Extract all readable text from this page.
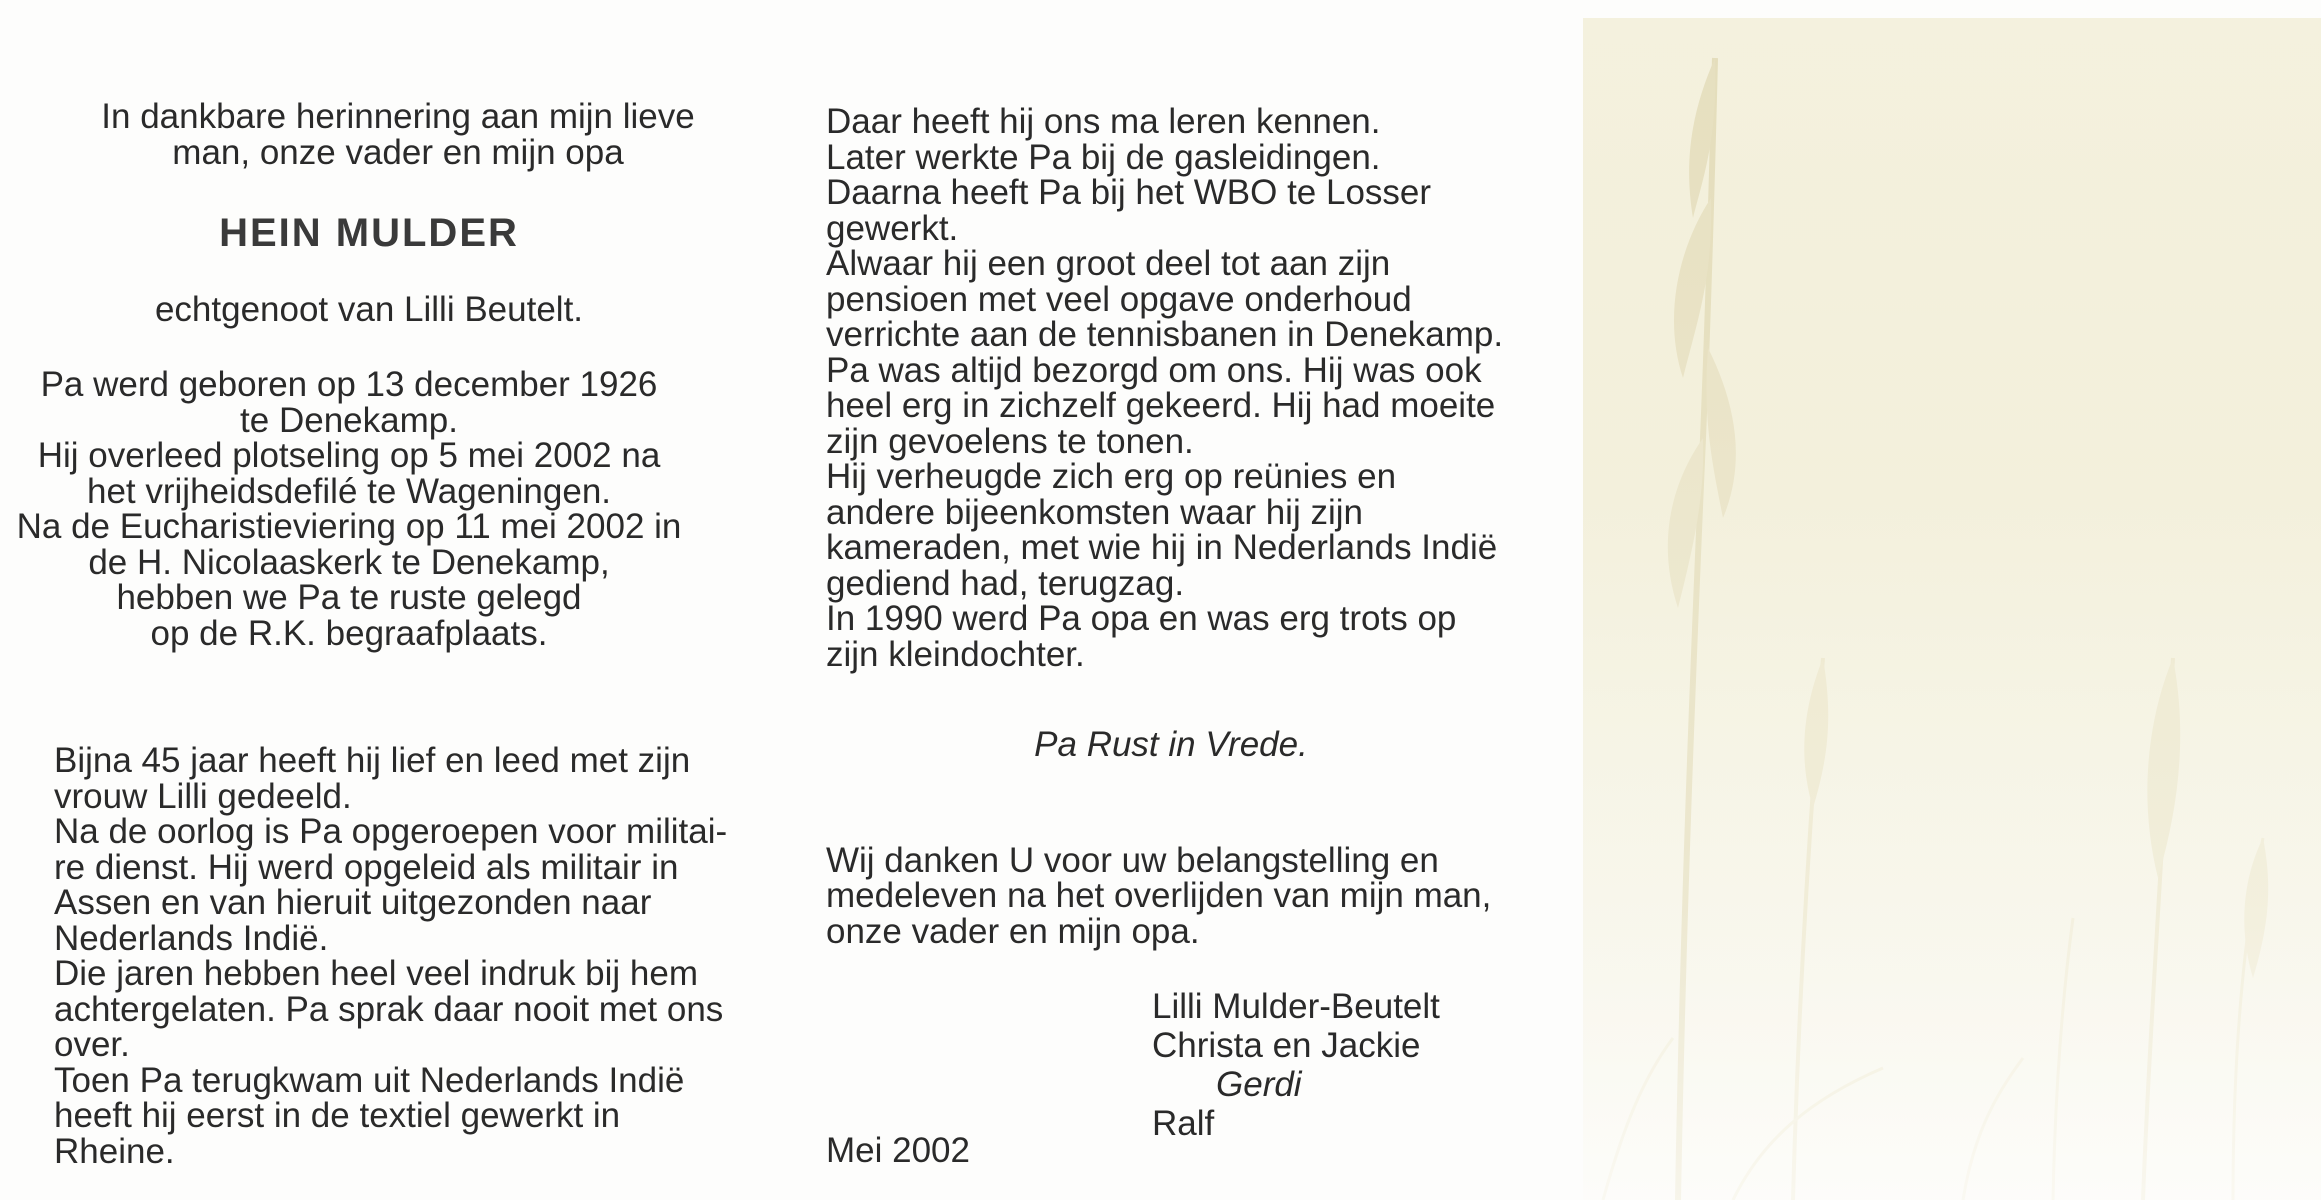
In dankbare herinnering aan mijn lieve

man, onze vader en mijn opa

HEIN MULDER

echtgenoot van Lilli Beutelt.

Pa werd geboren op 13 december 1926

te Denekamp.

Hij overleed plotseling op 5 mei 2002 na

het vrijheidsdefilé te Wageningen.

Na de Eucharistieviering op 11 mei 2002 in

de H. Nicolaaskerk te Denekamp,

hebben we Pa te ruste gelegd

op de R.K. begraafplaats.

Bijna 45 jaar heeft hij lief en leed met zijn

vrouw Lilli gedeeld.

Na de oorlog is Pa opgeroepen voor militai-

re dienst. Hij werd opgeleid als militair in

Assen en van hieruit uitgezonden naar

Nederlands Indië.

Die jaren hebben heel veel indruk bij hem

achtergelaten. Pa sprak daar nooit met ons

over.

Toen Pa terugkwam uit Nederlands Indië

heeft hij eerst in de textiel gewerkt in

Rheine.

Daar heeft hij ons ma leren kennen.

Later werkte Pa bij de gasleidingen.

Daarna heeft Pa bij het WBO te Losser

gewerkt.

Alwaar hij een groot deel tot aan zijn

pensioen met veel opgave onderhoud

verrichte aan de tennisbanen in Denekamp.

Pa was altijd bezorgd om ons. Hij was ook

heel erg in zichzelf gekeerd. Hij had moeite

zijn gevoelens te tonen.

Hij verheugde zich erg op reünies en

andere bijeenkomsten waar hij zijn

kameraden, met wie hij in Nederlands Indië

gediend had, terugzag.

In 1990 werd Pa opa en was erg trots op

zijn kleindochter.

Pa Rust in Vrede.

Wij danken U voor uw belangstelling en

medeleven na het overlijden van mijn man,

onze vader en mijn opa.

Lilli Mulder-Beutelt
Christa en Jackie
Gerdi
Ralf
Mei 2002
